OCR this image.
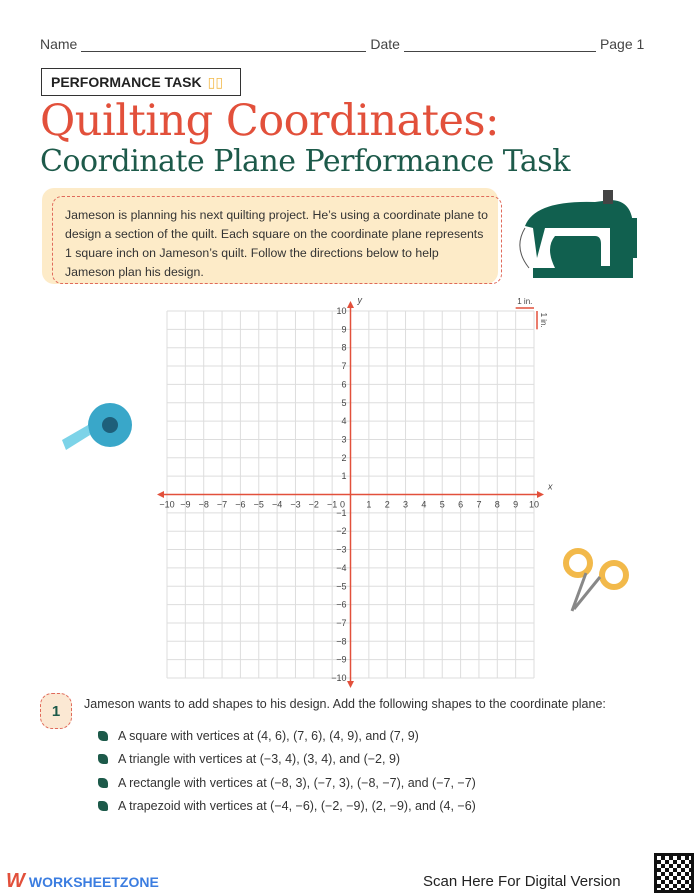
Name	Date	Page 1
PERFORMANCE TASK ▯▯
Quilting Coordinates:
Coordinate Plane Performance Task
Jameson is planning his next quilting project. He’s using a coordinate plane to design a section of the quilt. Each square on the coordinate plane represents 1 square inch on Jameson’s quilt. Follow the directions below to help Jameson plan his design.
−10 −9 −8 −7 −6 −5 −4 −3 −2 −1 0 1 2 3 4 5 6 7 8 9 10
−10
−9
−8
−7
−6
−5
−4
−3
−2
−1
1
2
3
4
5
6
7
8
9
10
x
y	1 in.
1 in.
1	Jameson wants to add shapes to his design. Add the following shapes to the coordinate plane:
A square with vertices at (4, 6), (7, 6), (4, 9), and (7, 9)
A triangle with vertices at (−3, 4), (3, 4), and (−2, 9)
A rectangle with vertices at (−8, 3), (−7, 3), (−8, −7), and (−7, −7)
A trapezoid with vertices at (−4, −6), (−2, −9), (2, −9), and (4, −6)
W WORKSHEETZONE	Scan Here For Digital Version
